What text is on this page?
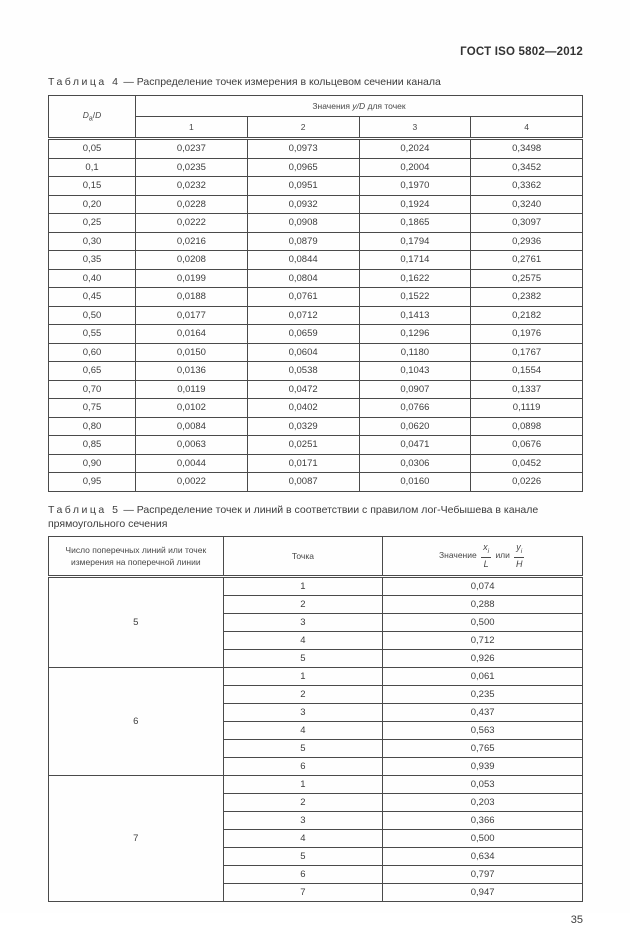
ГОСТ ISO 5802—2012
Таблица 4 — Распределение точек измерения в кольцевом сечении канала
$D_a/D$	Значения y/D для точек			
	1	2	3	4
0,05	0,0237	0,0973	0,2024	0,3498
0,1	0,0235	0,0965	0,2004	0,3452
0,15	0,0232	0,0951	0,1970	0,3362
0,20	0,0228	0,0932	0,1924	0,3240
0,25	0,0222	0,0908	0,1865	0,3097
0,30	0,0216	0,0879	0,1794	0,2936
0,35	0,0208	0,0844	0,1714	0,2761
0,40	0,0199	0,0804	0,1622	0,2575
0,45	0,0188	0,0761	0,1522	0,2382
0,50	0,0177	0,0712	0,1413	0,2182
0,55	0,0164	0,0659	0,1296	0,1976
0,60	0,0150	0,0604	0,1180	0,1767
0,65	0,0136	0,0538	0,1043	0,1554
0,70	0,0119	0,0472	0,0907	0,1337
0,75	0,0102	0,0402	0,0766	0,1119
0,80	0,0084	0,0329	0,0620	0,0898
0,85	0,0063	0,0251	0,0471	0,0676
0,90	0,0044	0,0171	0,0306	0,0452
0,95	0,0022	0,0087	0,0160	0,0226
Таблица 5 — Распределение точек и линий в соответствии с правилом лог-Чебышева в канале прямоугольного сечения
Число поперечных линий или точек
измерения на поперечной линии	Точка	Значение $\frac{x_i}{L}$ или $\frac{y_i}{H}$

5	1	0,074
	2	0,288
	3	0,500
	4	0,712
	5	0,926
6	1	0,061
	2	0,235
	3	0,437
	4	0,563
	5	0,765
	6	0,939
7	1	0,053
	2	0,203
	3	0,366
	4	0,500
	5	0,634
	6	0,797
	7	0,947
35
